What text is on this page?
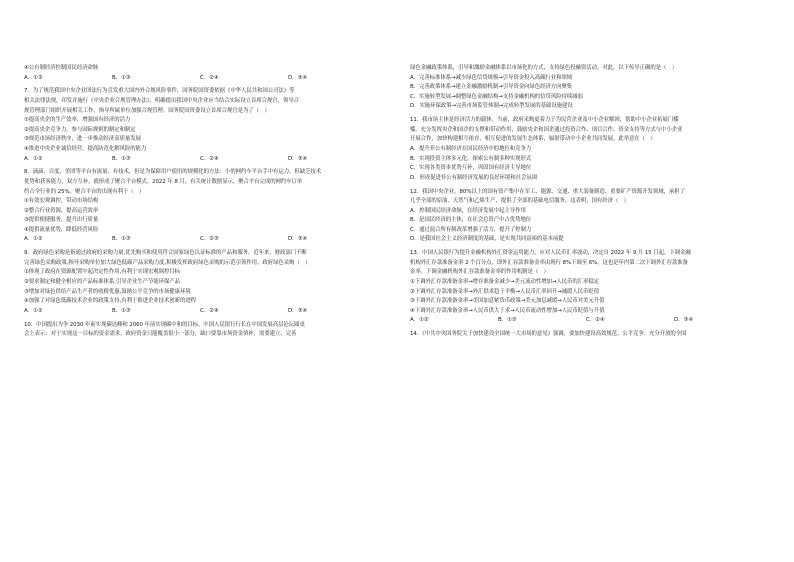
④公有制经济控制国民经济命脉
A．①②	B．①③	C．②④	D．③④
7．为了规范我国中央企业团法行为引发重大国内外合规风险事件，国务院国资委依据《中华人民共和国公司法》等
相关法律法规，印发并施行《中央企业合规管理办法》，明确提出我国中央企业应当结合实际设立首席合规官，领导合
规管理部门组织开展相关工作，指导所属单位加强合规管理。国务院国资委设立首席合规官是为了（　）
①提高央企的生产效率，增强国有经济的活力
②提高央企竞争力，参与国际规则的制定和制定
③规范市场经济秩序，进一步推动经济高质量发展
④推进中央企业诚信经营，提高防范化解风险的能力
A．①②	B．①③	C．②④	D．③④
8．滴滴、百度、美团等平台有流量、有技术，但是为保障用户使用的规模化的方法：小的网约车平台手中有运力，但缺乏技术
优势和获客能力，双方互补，就形成了聚合平台模式。2022 年 8 月，有关统计数据显示，聚合平台完成的网约车订单
约占全行业的 25%。聚合平台的出现有利于（　）
①有效宏观调控，带动市场结构
②整合行业资源，提高运营效率
③提供便捷服务，提升出行质量
④提供流量优势，降低经营风险
A．①②	B．①③	C．②③	D．③④
9．政府绿色采购是指通过政府的采购力量,优先购买和使用符合国家绿色认证标准的产品和服务。近年来，财政部门不断
完善绿色采购政策,指导采购单位加大绿色低碳产品采购力度,积极发挥政府绿色采购的示范引领作用。政府绿色采购（　）
①体现了政府在资源配置中起决定性作用,有利于实现宏观调控目标
②要求制定和健全相应的产品标准体系,引导企业生产节能环保产品
③增加对绿色供给产品生产者的收税优惠,鼓励公平竞争的市场健康环境
④加强了对绿色低碳技术企业的政策支持,有利于推进企业技术创新的进程
A．①②	B．①③	C．②④	D．③④
10．中国提出为争 2030 年前实现碳达峰和 2060 年前实现碳中和的目标。中国人民银行行长在中国发展高层论坛圆桌
会上表示：对于实现这一目标的资金需求，政府资金只能覆盖很小一部分，缺口要靠市场资金填补，需要建立、完善
绿色金融政策体系，引导和激励金融体系以市场化的方式，支持绿色投融资活动。对此，以下传导正确的是（　）
A．完善标准体系→减少绿色信贷规模→引导资金投入高碳行业和领域
B．完善政策体系→建立金融激励机制→引导资金向绿色经济方向聚集
C．实施转型发展→调整绿色金融结构→支持金融机构的信贷风险持续减弱
D．实施环保政策→完善市场监管体制→完成转型发展的基础设施建设
11．我市场主体是经济活力的载体。当前，政府采购更着力于为民营企业及中小企业解困，帮助中小企业拓展门槛
槛。充分发挥央企和国企的支撑和带动作用，鼓励央企和国企通过投资合作、项目合作、资金支持等方式与中小企业
开展合作，加快构建相互依存、相互促进的发展生态体系，辐射带动中小企业共同发展。此举意在（　）
A．提升非公有制经济在国民经济中的地位和竞争力
B．实现投资主体多元化，探索公有制多种实现形式
C．实现各类资本优势互补，巩固国有经济主导地位
D．形成促进非公有制经济发展的良好环境和社会氛围
12．我国中央企业，80%以上的国有资产集中在军工、能源、交通、重大装备制造、重要矿产资源开发领域，承担了
几乎全部的原油、天然气和乙烯生产，提供了全部的基础电信服务。这表明，国有经济（　）
A．控制国民经济命脉，在经济发展中起主导作用
B．是国民经济的主体，在社会总资产中占优势地位
C．通过混合所有制改革增强了活力，提升了控制力
D．是我国社会主义经济制度的基础，是实现共同富裕的基本前提
13．中国人民银行为提升金融机构外汇资金运用能力，应对人民币汇率波动，决定自 2022 年 9 月 15 日起，下调金融
机构外汇存款准备金率 2 个百分点，即外汇存款准备金率由现行 8%下调至 6%。这也是年内第二次下调外汇存款准备
金率。下调金融机构外汇存款准备金率的作用机制是（　）
①下调外汇存款准备金率→增存准备金减少→美元流动性增加→人民币的汇率稳定
②下调外汇存款准备金率→外汇供求趋于平衡→人民币汇率回升→减缓人民币贬值
③下调外汇存款准备金率→美国加息紧货币政策→美元加息减缓→人民币对美元升值
④下调外汇存款准备金率→人民币供大于求→人民币流动性增加→人民币贬值与升值
A．①②	B．①③	C．②④	D．③④
14．《中共中央国务院关于加快建设全国统一大市场的意见》强调，要加快建设高效规范、公平竞争、充分开放的全国
